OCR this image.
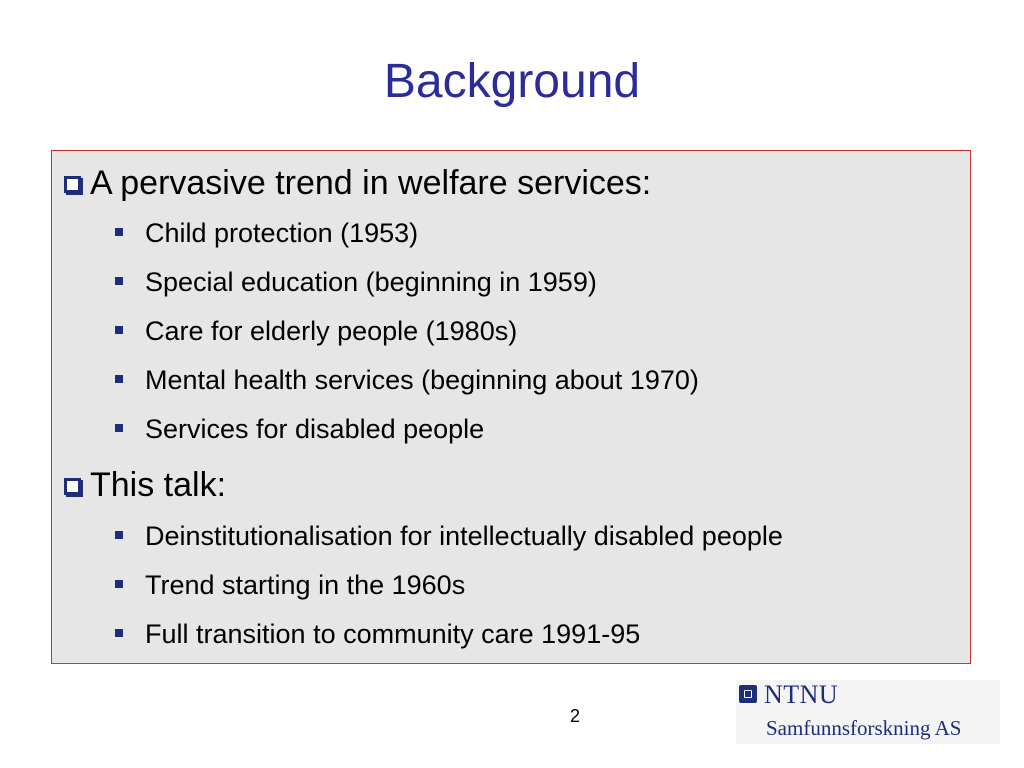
Background
A pervasive trend in welfare services:
Child protection (1953)
Special education (beginning in 1959)
Care for elderly people (1980s)
Mental health services (beginning about 1970)
Services for disabled people
This talk:
Deinstitutionalisation for intellectually disabled people
Trend starting in the 1960s
Full transition to community care 1991-95
2
NTNU
Samfunnsforskning AS
